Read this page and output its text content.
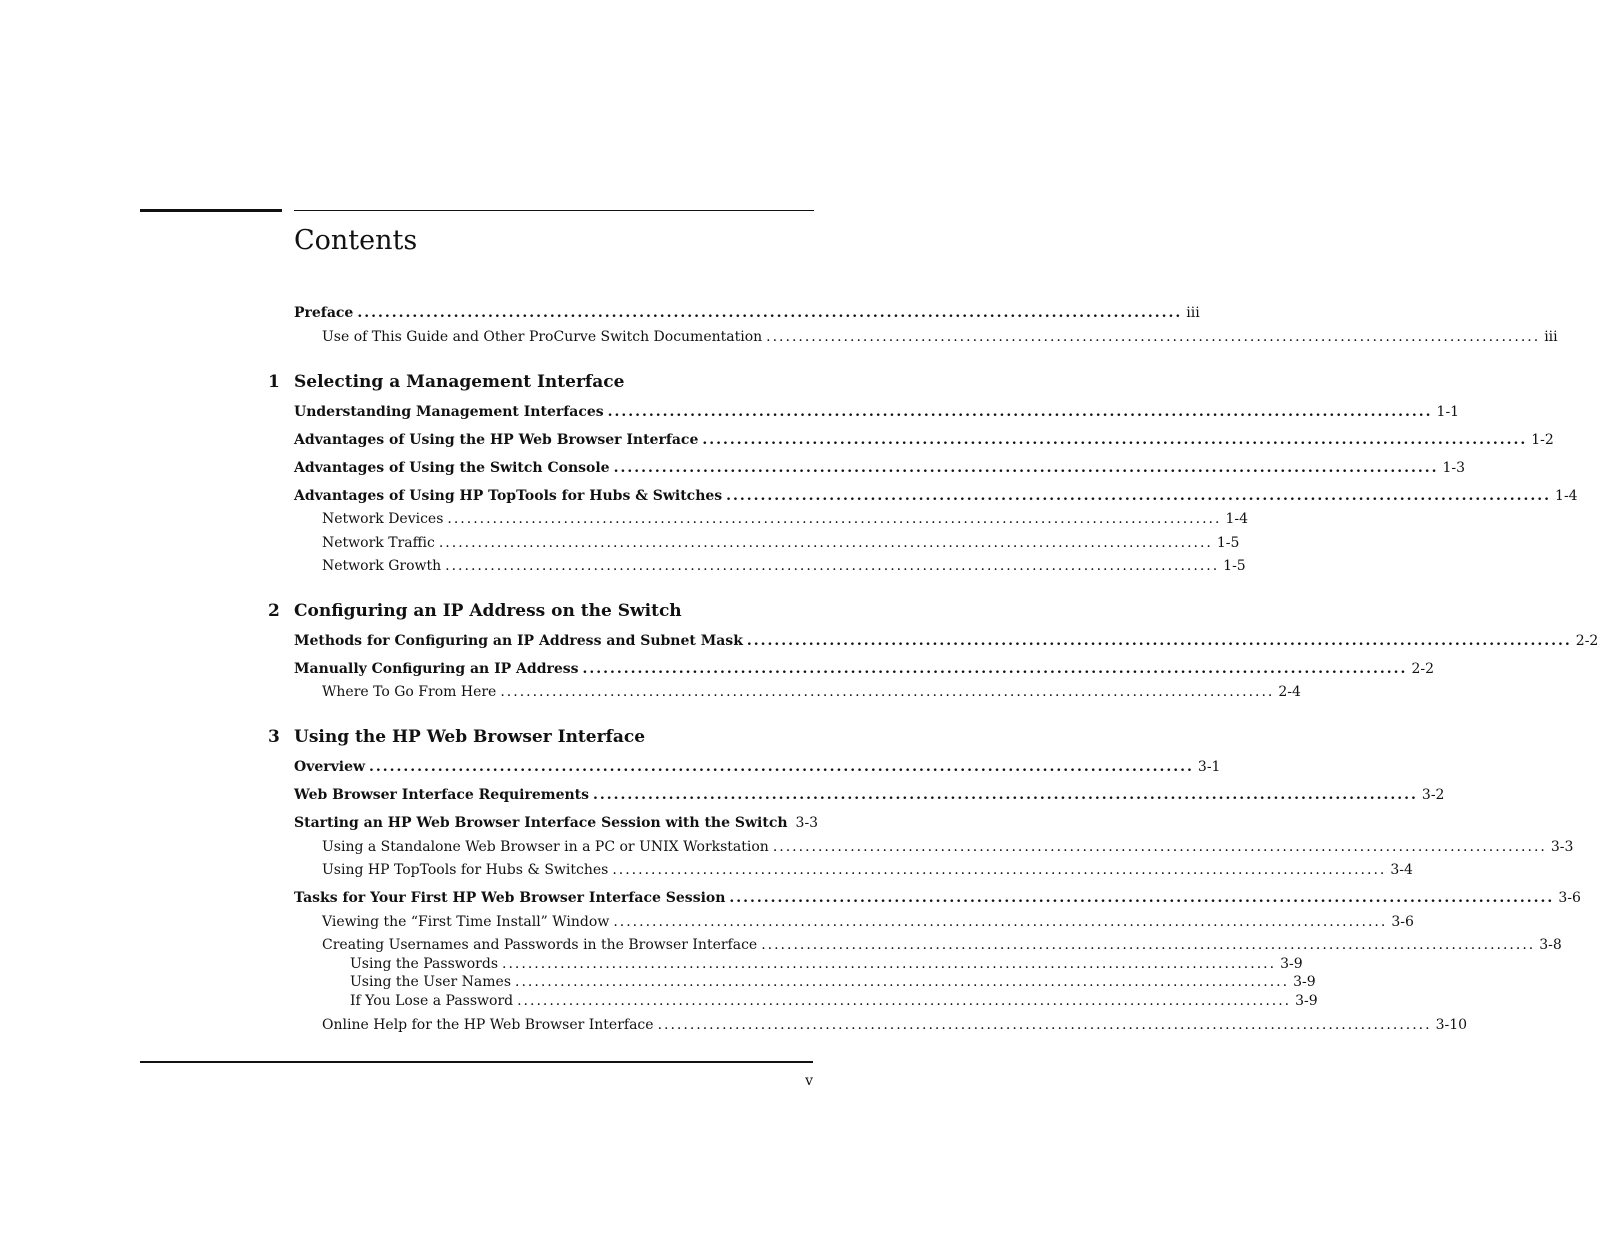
Contents
Preface ........................................................................................................................ iii
Use of This Guide and Other ProCurve Switch Documentation ........................................................................................................................ iii
1 Selecting a Management Interface
Understanding Management Interfaces ........................................................................................................................ 1-1
Advantages of Using the HP Web Browser Interface ........................................................................................................................ 1-2
Advantages of Using the Switch Console ........................................................................................................................ 1-3
Advantages of Using HP TopTools for Hubs & Switches ........................................................................................................................ 1-4
Network Devices ........................................................................................................................ 1-4
Network Traffic ........................................................................................................................ 1-5
Network Growth ........................................................................................................................ 1-5
2 Configuring an IP Address on the Switch
Methods for Configuring an IP Address and Subnet Mask ........................................................................................................................ 2-2
Manually Configuring an IP Address ........................................................................................................................ 2-2
Where To Go From Here ........................................................................................................................ 2-4
3 Using the HP Web Browser Interface
Overview ........................................................................................................................ 3-1
Web Browser Interface Requirements ........................................................................................................................ 3-2
Starting an HP Web Browser Interface Session with the Switch 3-3
Using a Standalone Web Browser in a PC or UNIX Workstation ........................................................................................................................ 3-3
Using HP TopTools for Hubs & Switches ........................................................................................................................ 3-4
Tasks for Your First HP Web Browser Interface Session ........................................................................................................................ 3-6
Viewing the “First Time Install” Window ........................................................................................................................ 3-6
Creating Usernames and Passwords in the Browser Interface ........................................................................................................................ 3-8
Using the Passwords ........................................................................................................................ 3-9
Using the User Names ........................................................................................................................ 3-9
If You Lose a Password ........................................................................................................................ 3-9
Online Help for the HP Web Browser Interface ........................................................................................................................ 3-10
v
